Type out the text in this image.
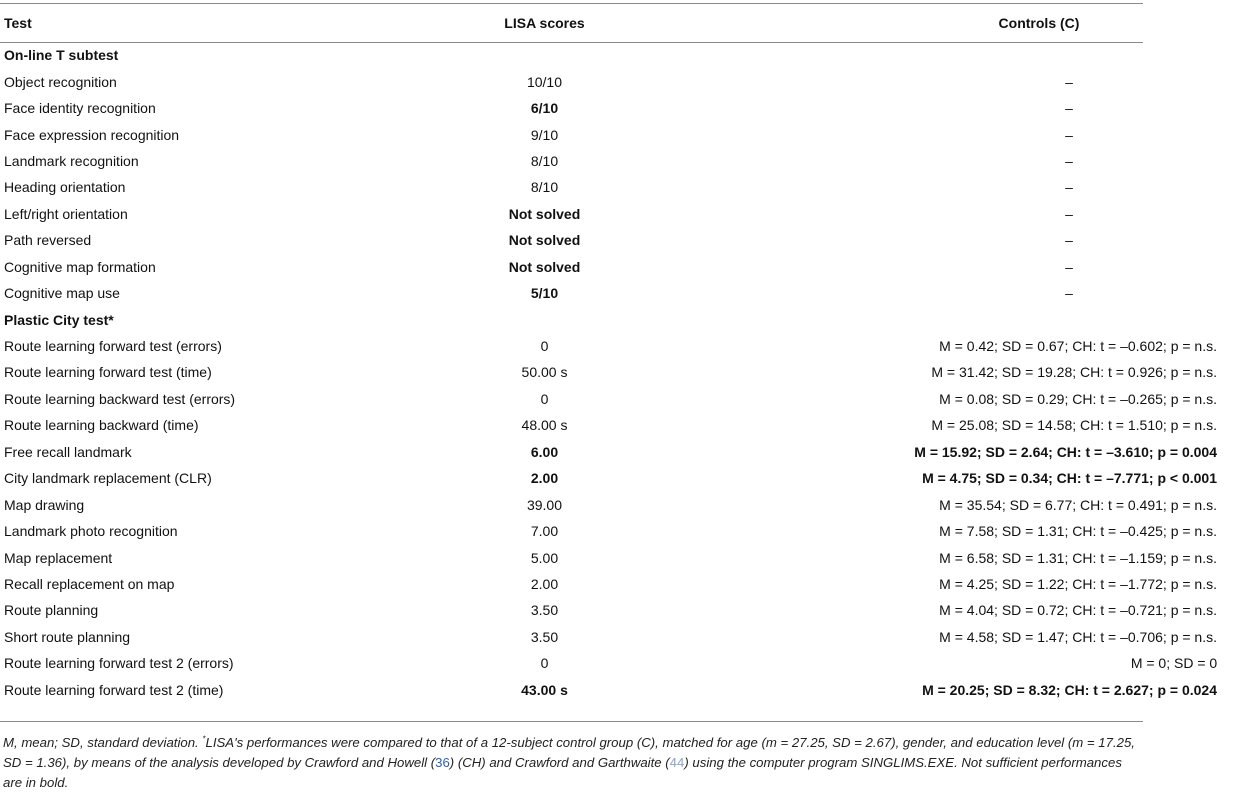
Test	LISA scores	Controls (C)
On-line T subtest		
Object recognition	10/10	–
Face identity recognition	6/10	–
Face expression recognition	9/10	–
Landmark recognition	8/10	–
Heading orientation	8/10	–
Left/right orientation	Not solved	–
Path reversed	Not solved	–
Cognitive map formation	Not solved	–
Cognitive map use	5/10	–
Plastic City test*		
Route learning forward test (errors)	0	M = 0.42; SD = 0.67; CH: t = –0.602; p = n.s.
Route learning forward test (time)	50.00 s	M = 31.42; SD = 19.28; CH: t = 0.926; p = n.s.
Route learning backward test (errors)	0	M = 0.08; SD = 0.29; CH: t = –0.265; p = n.s.
Route learning backward (time)	48.00 s	M = 25.08; SD = 14.58; CH: t = 1.510; p = n.s.
Free recall landmark	6.00	M = 15.92; SD = 2.64; CH: t = –3.610; p = 0.004
City landmark replacement (CLR)	2.00	M = 4.75; SD = 0.34; CH: t = –7.771; p < 0.001
Map drawing	39.00	M = 35.54; SD = 6.77; CH: t = 0.491; p = n.s.
Landmark photo recognition	7.00	M = 7.58; SD = 1.31; CH: t = –0.425; p = n.s.
Map replacement	5.00	M = 6.58; SD = 1.31; CH: t = –1.159; p = n.s.
Recall replacement on map	2.00	M = 4.25; SD = 1.22; CH: t = –1.772; p = n.s.
Route planning	3.50	M = 4.04; SD = 0.72; CH: t = –0.721; p = n.s.
Short route planning	3.50	M = 4.58; SD = 1.47; CH: t = –0.706; p = n.s.
Route learning forward test 2 (errors)	0	M = 0; SD = 0
Route learning forward test 2 (time)	43.00 s	M = 20.25; SD = 8.32; CH: t = 2.627; p = 0.024
M, mean; SD, standard deviation. *LISA's performances were compared to that of a 12-subject control group (C), matched for age (m = 27.25, SD = 2.67), gender, and education level (m = 17.25, SD = 1.36), by means of the analysis developed by Crawford and Howell (36) (CH) and Crawford and Garthwaite (44) using the computer program SINGLIMS.EXE. Not sufficient performances are in bold.
